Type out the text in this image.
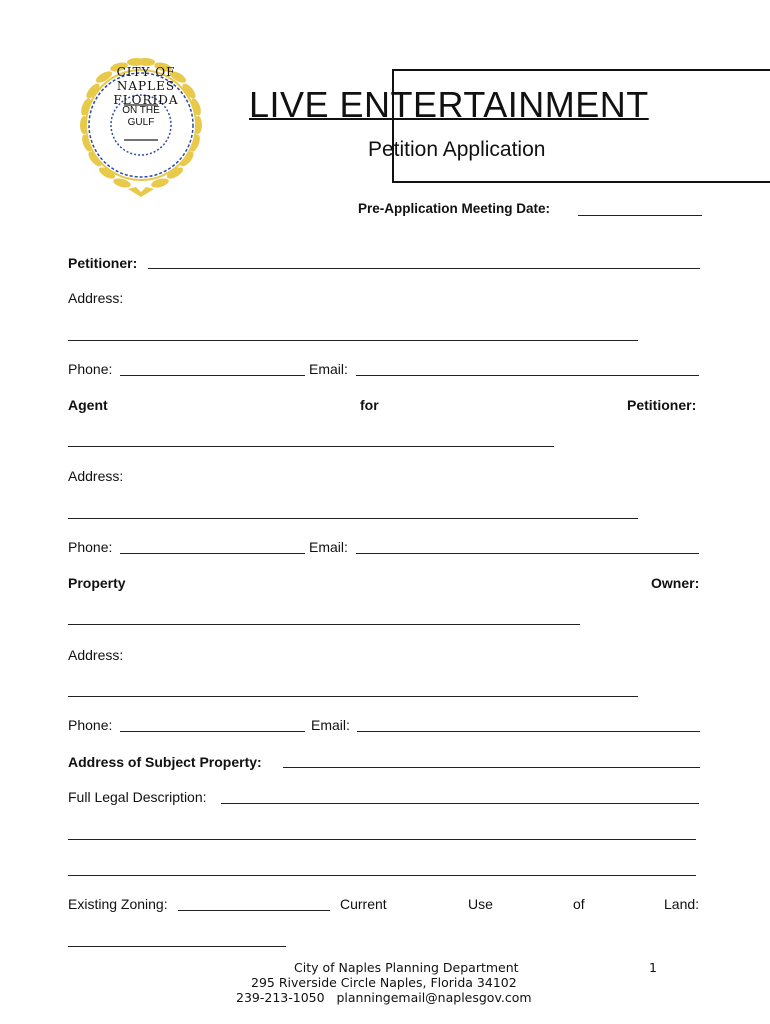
CITY OF NAPLES FLORIDA
ON THE
GULF	LIVE ENTERTAINMENT
Petition Application
Pre-Application Meeting Date:
Petitioner:
Address:
Phone:	Email:
Agent	for	Petitioner:
Address:
Phone:	Email:
Property	Owner:
Address:
Phone:	Email:
Address of Subject Property:
Full Legal Description:
Existing Zoning:	Current	Use	of	Land:
City of Naples Planning Department
295 Riverside Circle Naples, Florida 34102
239-213-1050   planningemail@naplesgov.com
1
